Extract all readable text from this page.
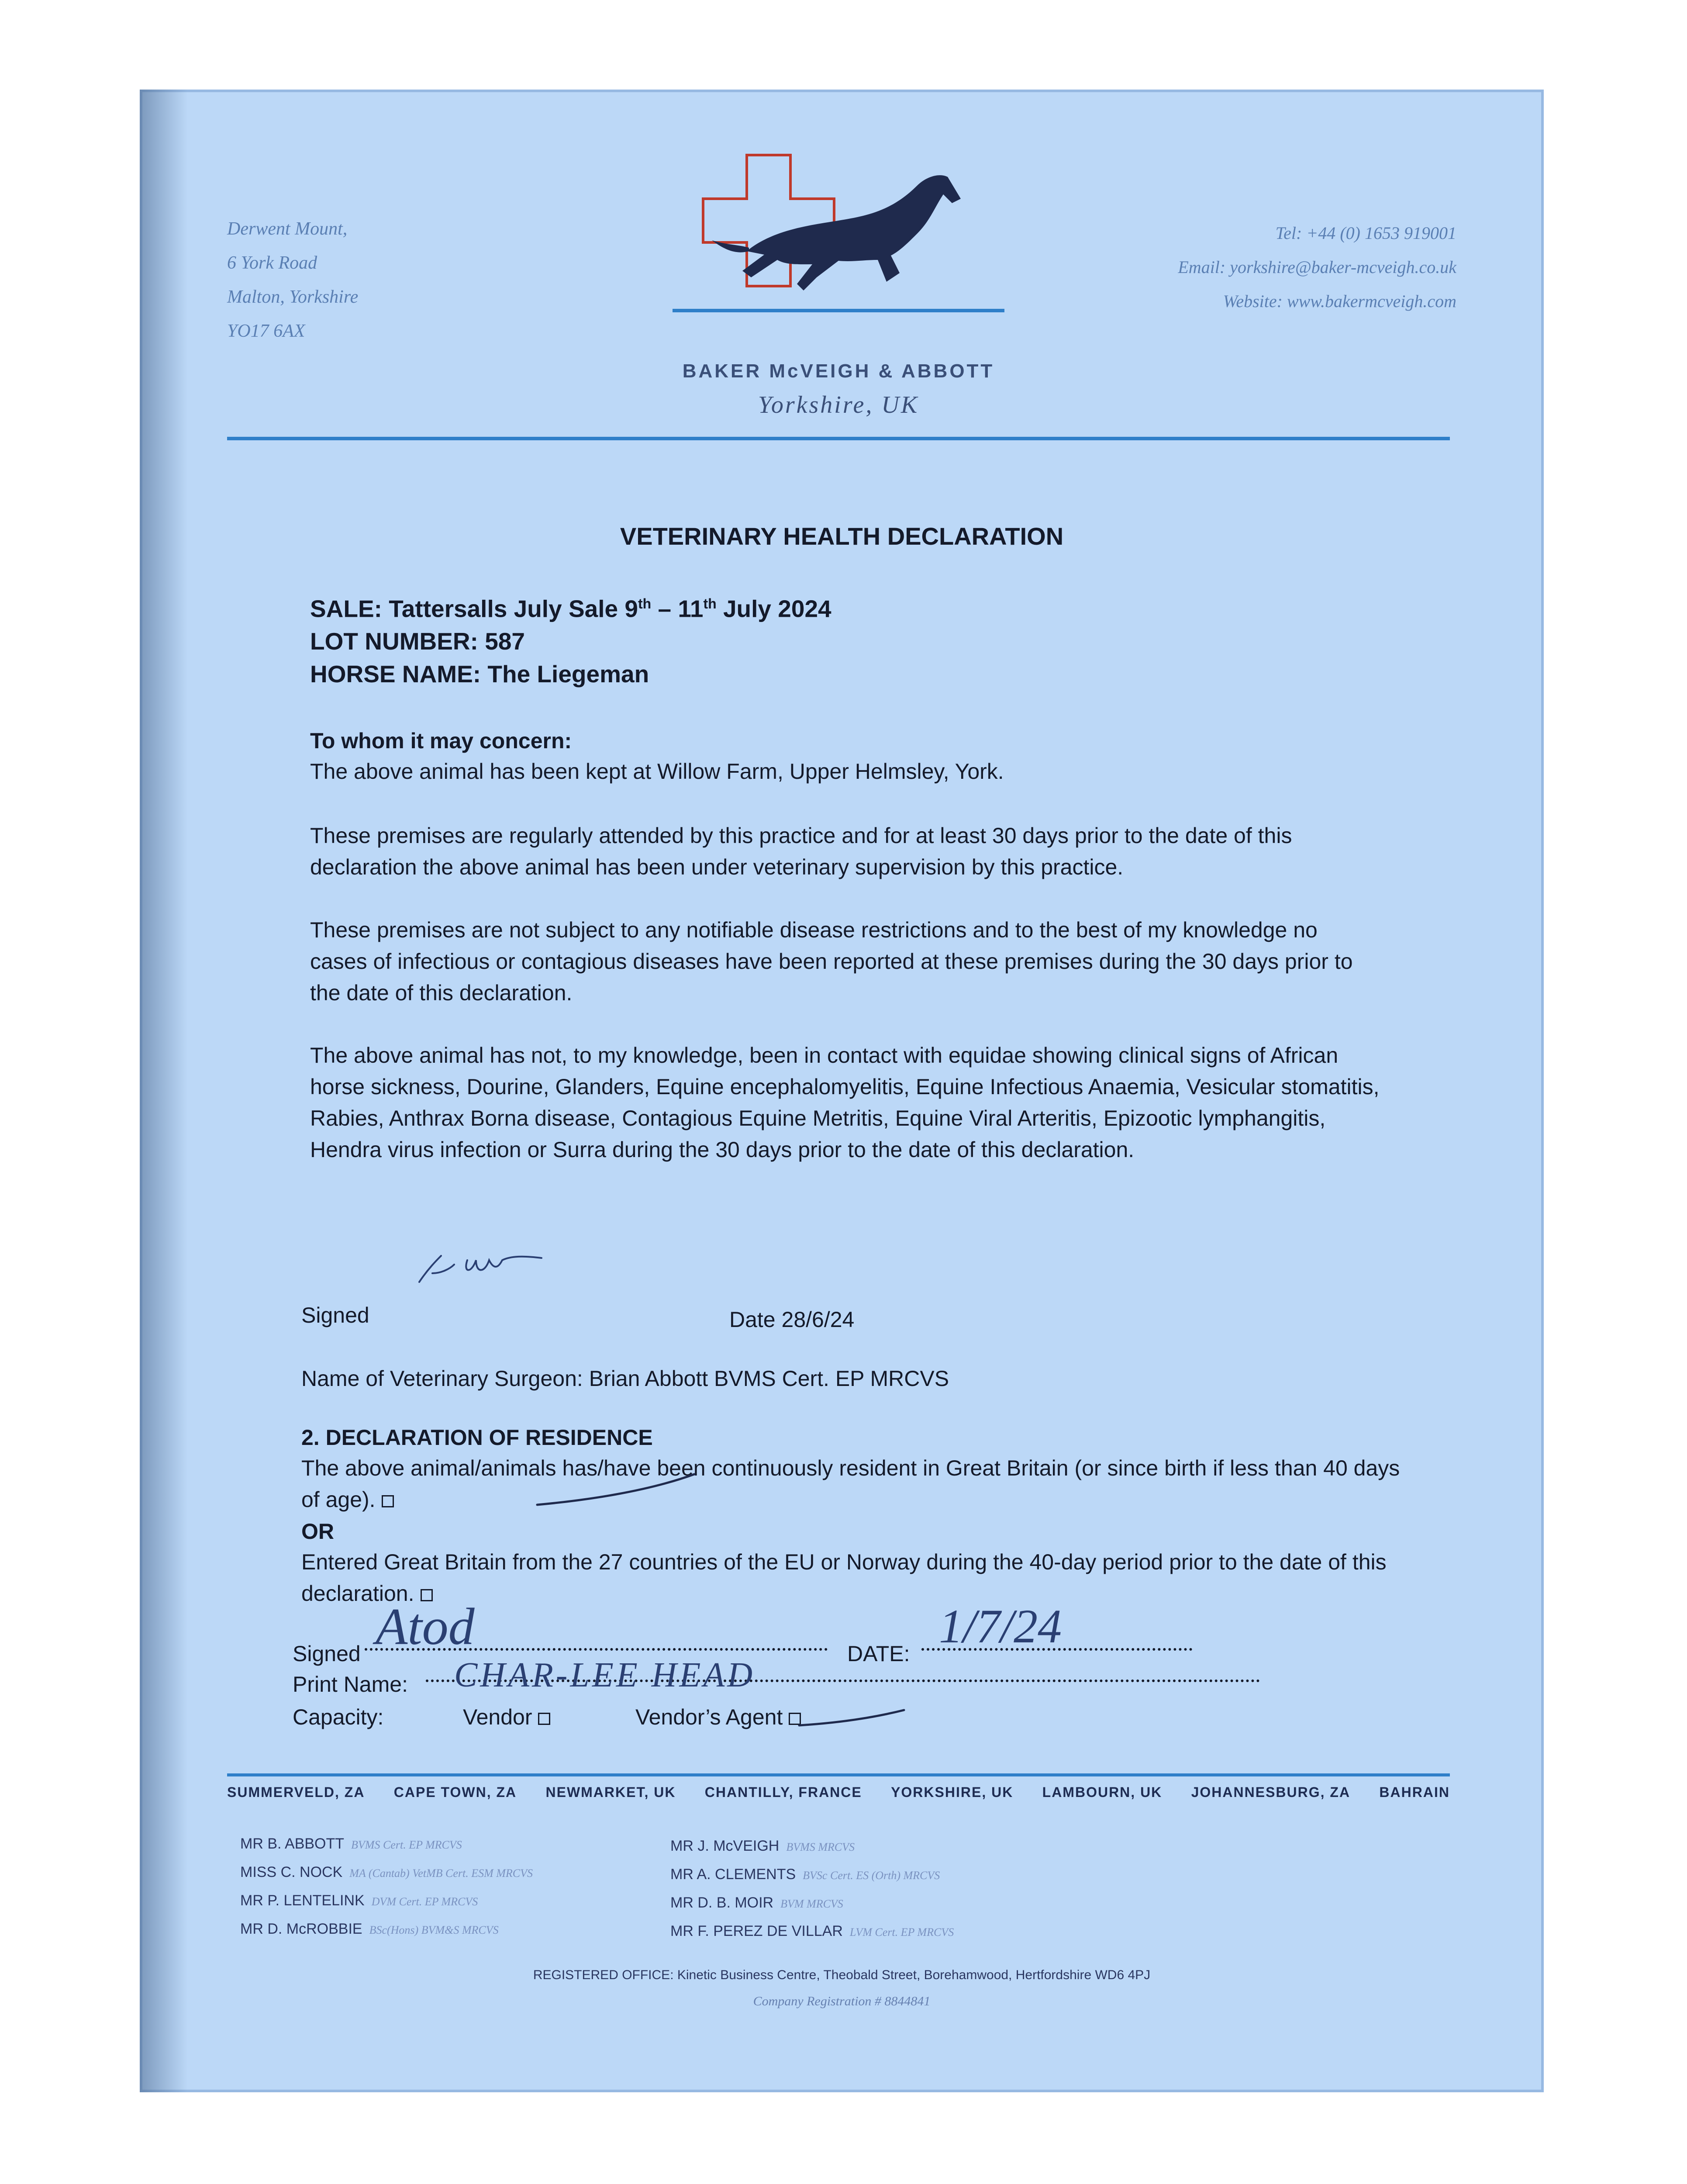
Derwent Mount,
6 York Road
Malton, Yorkshire
YO17 6AX
Tel: +44 (0) 1653 919001
Email: yorkshire@baker-mcveigh.co.uk
Website: www.bakermcveigh.com
BAKER McVEIGH & ABBOTT
Yorkshire, UK
VETERINARY HEALTH DECLARATION
SALE: Tattersalls July Sale 9th – 11th July 2024
LOT NUMBER: 587
HORSE NAME: The Liegeman
To whom it may concern:
The above animal has been kept at Willow Farm, Upper Helmsley, York.
These premises are regularly attended by this practice and for at least 30 days prior to the date of this declaration the above animal has been under veterinary supervision by this practice.
These premises are not subject to any notifiable disease restrictions and to the best of my knowledge no cases of infectious or contagious diseases have been reported at these premises during the 30 days prior to the date of this declaration.
The above animal has not, to my knowledge, been in contact with equidae showing clinical signs of African horse sickness, Dourine, Glanders, Equine encephalomyelitis, Equine Infectious Anaemia, Vesicular stomatitis, Rabies, Anthrax Borna disease, Contagious Equine Metritis, Equine Viral Arteritis, Epizootic lymphangitis, Hendra virus infection or Surra during the 30 days prior to the date of this declaration.
Signed	Date 28/6/24
Name of Veterinary Surgeon: Brian Abbott BVMS Cert. EP MRCVS
2. DECLARATION OF RESIDENCE
The above animal/animals has/have been continuously resident in Great Britain (or since birth if less than 40 days of age).
OR
Entered Great Britain from the 27 countries of the EU or Norway during the 40-day period prior to the date of this declaration.
Signed Atod	DATE:
1/7/24
Print Name: CHAR-LEE HEAD
Capacity:	Vendor	Vendor’s Agent
SUMMERVELD, ZA CAPE TOWN, ZA NEWMARKET, UK CHANTILLY, FRANCE YORKSHIRE, UK LAMBOURN, UK JOHANNESBURG, ZA BAHRAIN
MR B. ABBOTT BVMS Cert. EP MRCVS
MISS C. NOCK MA (Cantab) VetMB Cert. ESM MRCVS
MR P. LENTELINK DVM Cert. EP MRCVS
MR D. McROBBIE BSc(Hons) BVM&S MRCVS
MR J. McVEIGH BVMS MRCVS
MR A. CLEMENTS BVSc Cert. ES (Orth) MRCVS
MR D. B. MOIR BVM MRCVS
MR F. PEREZ DE VILLAR LVM Cert. EP MRCVS
REGISTERED OFFICE: Kinetic Business Centre, Theobald Street, Borehamwood, Hertfordshire WD6 4PJ
Company Registration # 8844841
